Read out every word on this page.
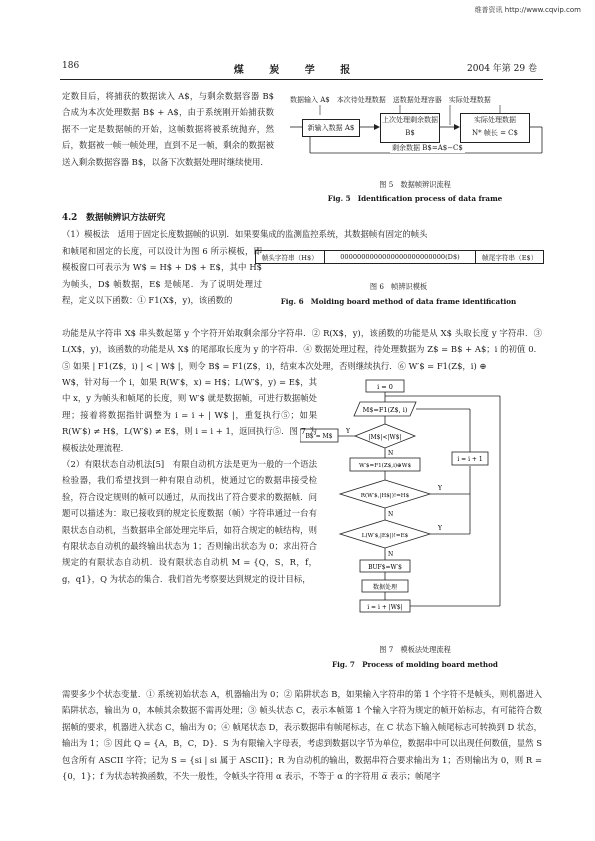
维普资讯 http://www.cqvip.com
186	煤 炭 学 报	2004 年第 29 卷
定数目后，将捕获的数据读入 A$，与剩余数据容器 B$ 合成为本次处理数据 B$ + A$，由于系统刚开始捕获数据不一定是数据帧的开始，这帧数据将被系统抛弃，然后，数据被一帧一帧处理，直到不足一帧，剩余的数据被送入剩余数据容器 B$，以备下次数据处理时继续使用．
数据输入 A$　本次待处理数据　送数据处理容器　实际处理数据
新输入数据 A$
上次处理剩余数据 B$
实际处理数据
N* 帧长 = C$
剩余数据 B$=A$−C$
图 5　数据帧辨识流程
Fig. 5　Identification process of data frame
4.2　数据帧辨识方法研究
（1）模板法　适用于固定长度数据帧的识别．如果要集成的监测监控系统，其数据帧有固定的帧头
和帧尾和固定的长度，可以设计为图 6 所示模板，即模板窗口可表示为 W$ = H$ + D$ + E$，其中 H$ 为帧头，D$ 帧数据，E$ 是帧尾．为了说明处理过程，定义以下函数：① F1(X$，y)，该函数的
帧头字符串（H$）	0000000000000000000000000(D$)	帧尾字符串（E$）
图 6　帧辨识模板
Fig. 6　Molding board method of data frame identification
功能是从字符串 X$ 串头数起第 y 个字符开始取剩余部分字符串．② R(X$，y)，该函数的功能是从 X$ 头取长度 y 字符串．③ L(X$，y)，该函数的功能是从 X$ 的尾部取长度为 y 的字符串．④ 数据处理过程，待处理数据为 Z$ = B$ + A$；i 的初值 0．⑤ 如果 | F1(Z$，i) | < | W$ |，则令 B$ = F1(Z$，i)，结束本次处理，否则继续执行．⑥ W′$ = F1(Z$，i) ⊕
W$，针对每一个 i，如果 R(W′$，x) = H$；L(W′$，y) = E$，其中 x，y 为帧头和帧尾的长度，则 W′$ 就是数据帧，可进行数据帧处理；接着将数据指针调整为 i = i + | W$ |，重复执行⑤；如果 R(W′$) ≠ H$，L(W′$) ≠ E$，则 i = i + 1，返回执行⑤．图 7 为模板法处理流程．
（2）有限状态自动机法[5]　有限自动机方法是更为一般的一个语法检验器，我们希望找到一种有限自动机，使通过它的数据串接受检验，符合设定规则的帧可以通过，从而找出了符合要求的数据帧．问题可以描述为：取已接收到的规定长度数据（帧）字符串通过一台有限状态自动机，当数据串全部处理完毕后，如符合规定的帧结构，则有限状态自动机的最终输出状态为 1；否则输出状态为 0；求出符合规定的有限状态自动机．设有限状态自动机 M = {Q，S，R，f，g，q1}，Q 为状态的集合．我们首先考察要达到规定的设计目标，
i = 0
M$=F1(Z$, i)
|M$|<|W$|
B$ = M$
Y
N
W′$=F1(Z$,i)⊕W$
i = i + 1
R(W′$,|H$|)!=H$
Y
N
L(W′$,|E$|)!=E$
Y
N
BUF$=W′$
数据处理
i = i + |W$|
图 7　模板法处理流程
Fig. 7　Process of molding board method
需要多少个状态变量．① 系统初始状态 A，机器输出为 0；② 陷阱状态 B，如果输入字符串的第 1 个字符不是帧头，则机器进入陷阱状态，输出为 0，本帧其余数据不需再处理；③ 帧头状态 C，表示本帧第 1 个输入字符为规定的帧开始标志，有可能符合数据帧的要求，机器进入状态 C，输出为 0；④ 帧尾状态 D，表示数据串有帧尾标志，在 C 状态下输入帧尾标志可转换到 D 状态，输出为 1；⑤ 因此 Q = {A，B，C，D}．S 为有限输入字母表，考虑到数据以字节为单位，数据串中可以出现任何数值，显然 S 包含所有 ASCII 字符；记为 S = {si | si 属于 ASCII}；R 为自动机的输出，数据串符合要求输出为 1；否则输出为 0，则 R = {0，1}；f 为状态转换函数，不失一般性，令帧头字符用 α 表示，不等于 α 的字符用 α̅ 表示；帧尾字
